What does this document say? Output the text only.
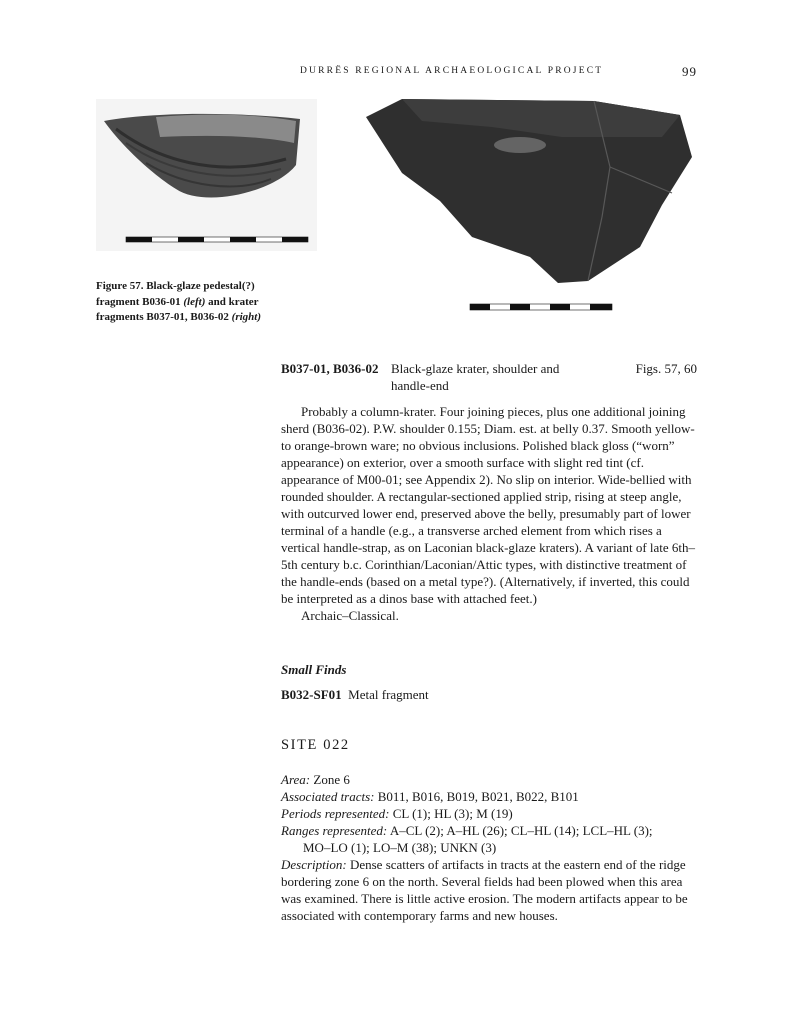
DURRËS REGIONAL ARCHAEOLOGICAL PROJECT	99
Figure 57. Black-glaze pedestal(?) fragment B036-01 (left) and krater fragments B037-01, B036-02 (right)
B037-01, B036-02 Black-glaze krater, shoulder and handle-end
Figs. 57, 60

Probably a column-krater. Four joining pieces, plus one additional joining sherd (B036-02). P.W. shoulder 0.155; Diam. est. at belly 0.37. Smooth yellow- to orange-brown ware; no obvious inclusions. Polished black gloss (“worn” appearance) on exterior, over a smooth surface with slight red tint (cf. appearance of M00-01; see Appendix 2). No slip on interior. Wide-bellied with rounded shoulder. A rectangular-sectioned applied strip, rising at steep angle, with outcurved lower end, preserved above the belly, presumably part of lower terminal of a handle (e.g., a transverse arched element from which rises a vertical handle-strap, as on Laconian black-glaze kraters). A variant of late 6th–5th century b.c. Corinthian/Laconian/Attic types, with distinctive treatment of the handle-ends (based on a metal type?). (Alternatively, if inverted, this could be interpreted as a dinos base with attached feet.)

Archaic–Classical.

Small Finds
B032-SF01 Metal fragment
SITE 022

Area: Zone 6

Associated tracts: B011, B016, B019, B021, B022, B101

Periods represented: CL (1); HL (3); M (19)

Ranges represented: A–CL (2); A–HL (26); CL–HL (14); LCL–HL (3);

MO–LO (1); LO–M (38); UNKN (3)

Description: Dense scatters of artifacts in tracts at the eastern end of the ridge bordering zone 6 on the north. Several fields had been plowed when this area was examined. There is little active erosion. The modern artifacts appear to be associated with contemporary farms and new houses.
